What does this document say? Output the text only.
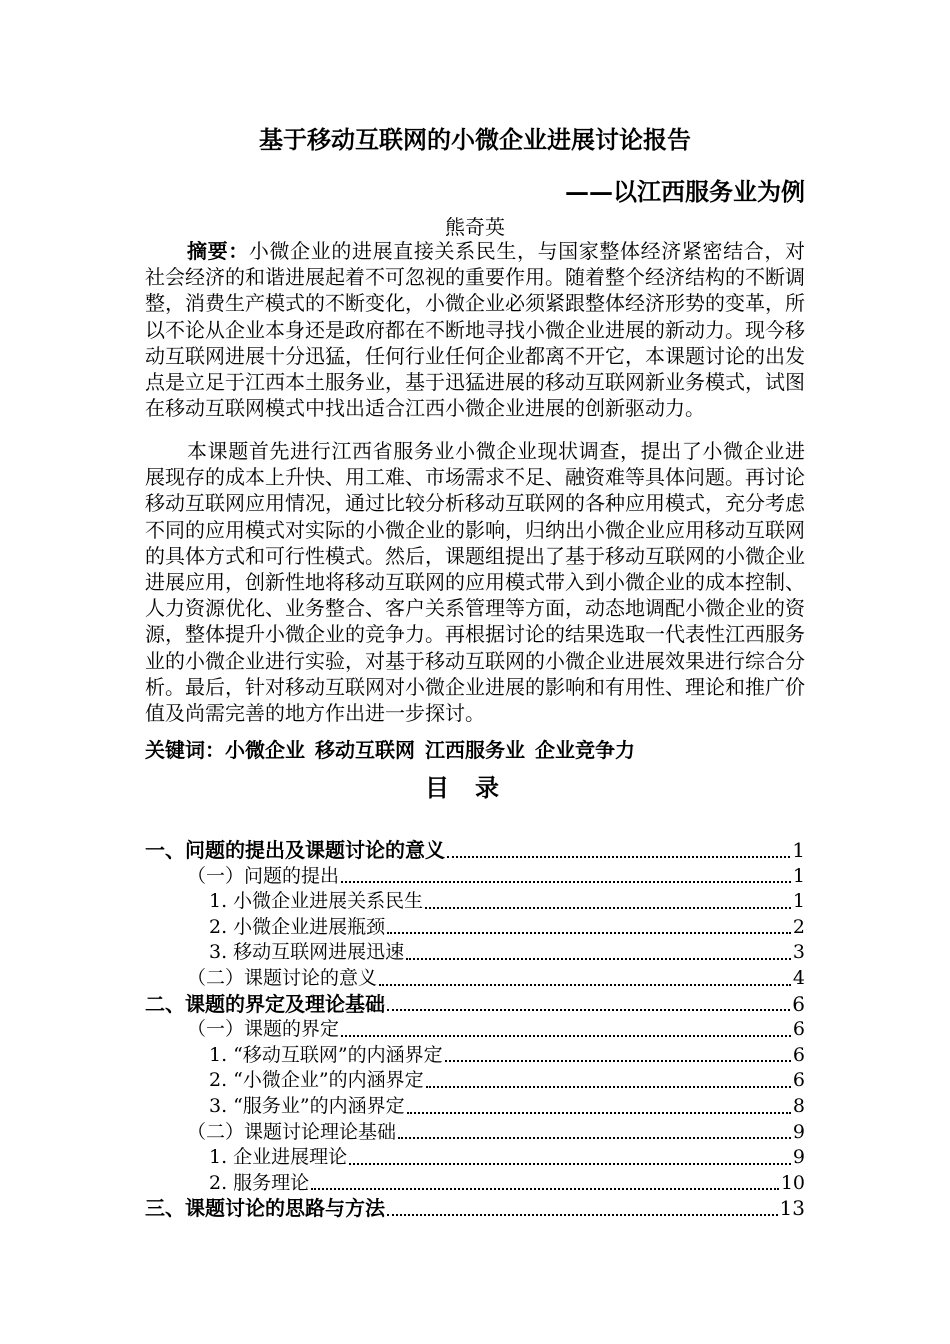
基于移动互联网的小微企业进展讨论报告
——以江西服务业为例
熊奇英

摘要：小微企业的进展直接关系民生，与国家整体经济紧密结合，对社会经济的和谐进展起着不可忽视的重要作用。随着整个经济结构的不断调整，消费生产模式的不断变化，小微企业必须紧跟整体经济形势的变革，所以不论从企业本身还是政府都在不断地寻找小微企业进展的新动力。现今移动互联网进展十分迅猛，任何行业任何企业都离不开它，本课题讨论的出发点是立足于江西本土服务业，基于迅猛进展的移动互联网新业务模式，试图在移动互联网模式中找出适合江西小微企业进展的创新驱动力。

本课题首先进行江西省服务业小微企业现状调查，提出了小微企业进展现存的成本上升快、用工难、市场需求不足、融资难等具体问题。再讨论移动互联网应用情况，通过比较分析移动互联网的各种应用模式，充分考虑不同的应用模式对实际的小微企业的影响，归纳出小微企业应用移动互联网的具体方式和可行性模式。然后，课题组提出了基于移动互联网的小微企业进展应用，创新性地将移动互联网的应用模式带入到小微企业的成本控制、人力资源优化、业务整合、客户关系管理等方面，动态地调配小微企业的资源，整体提升小微企业的竞争力。再根据讨论的结果选取一代表性江西服务业的小微企业进行实验，对基于移动互联网的小微企业进展效果进行综合分析。最后，针对移动互联网对小微企业进展的影响和有用性、理论和推广价值及尚需完善的地方作出进一步探讨。

关键词：小微企业 移动互联网 江西服务业 企业竞争力
目录
一、问题的提出及课题讨论的意义	1
（一）问题的提出	1
1. 小微企业进展关系民生	1
2. 小微企业进展瓶颈	2
3. 移动互联网进展迅速	3
（二）课题讨论的意义	4
二、课题的界定及理论基础	6
（一）课题的界定	6
1. “移动互联网”的内涵界定	6
2. “小微企业”的内涵界定	6
3. “服务业”的内涵界定	8
（二）课题讨论理论基础	9
1. 企业进展理论	9
2. 服务理论	10
三、课题讨论的思路与方法	13
